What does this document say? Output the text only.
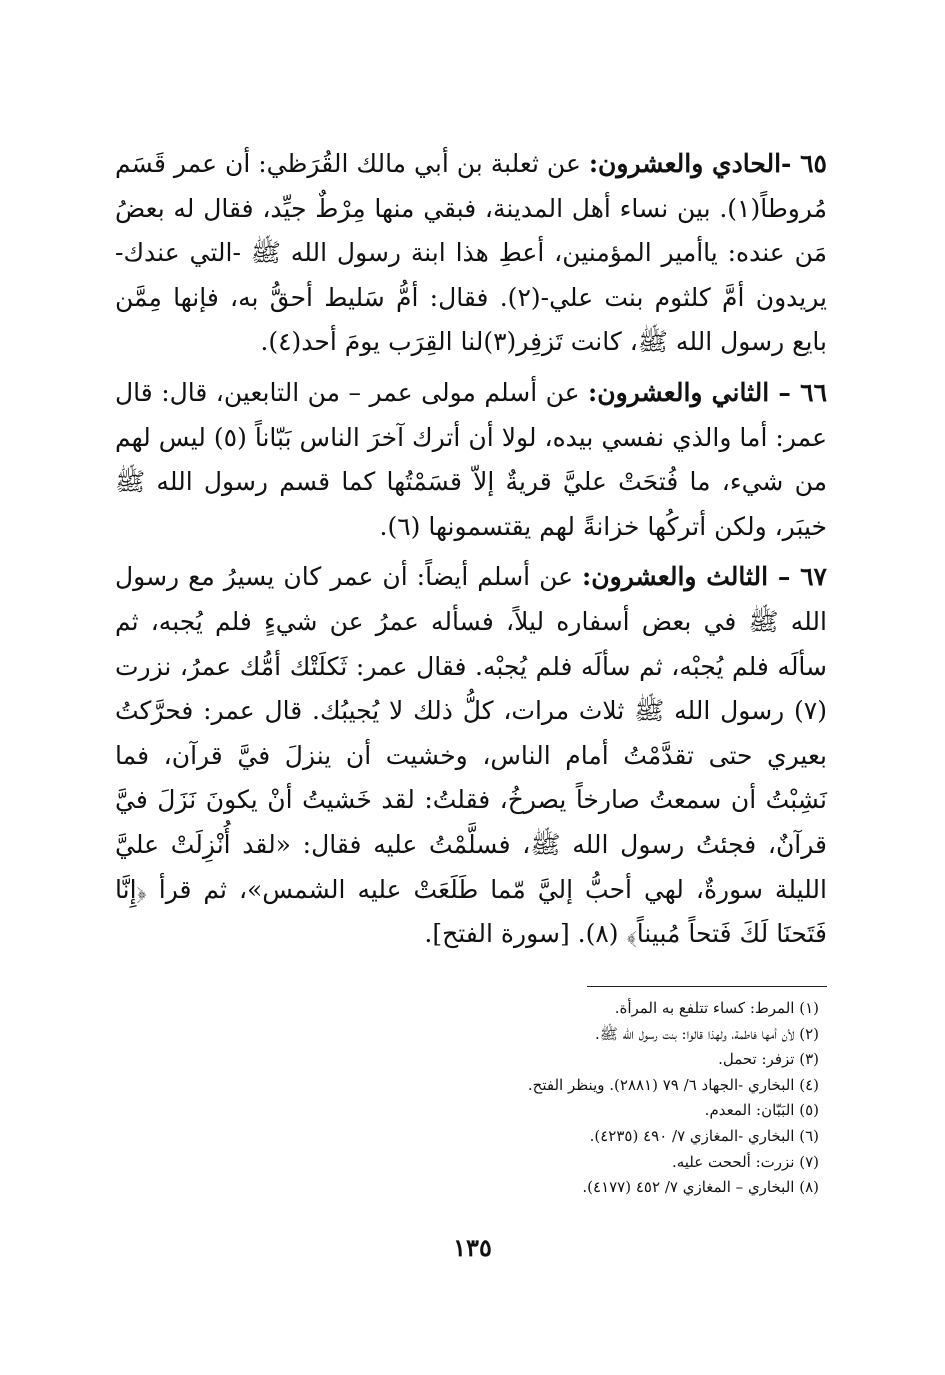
٦٥ -الحادي والعشرون: عن ثعلبة بن أبي مالك القُرَظي: أن عمر قَسَم مُروطاً(١). بين نساء أهل المدينة، فبقي منها مِرْطٌ جيِّد، فقال له بعضُ مَن عنده: ياأمير المؤمنين، أعطِ هذا ابنة رسول الله ﷺ -التي عندك- يريدون أمَّ كلثوم بنت علي-(٢). فقال: أمُّ سَليط أحقُّ به، فإنها مِمَّن بايع رسول الله ﷺ، كانت تَزفِر(٣)لنا القِرَب يومَ أحد(٤).

٦٦ – الثاني والعشرون: عن أسلم مولى عمر – من التابعين، قال: قال عمر: أما والذي نفسي بيده، لولا أن أترك آخرَ الناس بَبّاناً (٥) ليس لهم من شيء، ما فُتحَتْ عليَّ قريةٌ إلاّ قسَمْتُها كما قسم رسول الله ﷺ خيبَر، ولكن أتركُها خزانةً لهم يقتسمونها (٦).

٦٧ – الثالث والعشرون: عن أسلم أيضاً: أن عمر كان يسيرُ مع رسول الله ﷺ في بعض أسفاره ليلاً، فسأله عمرُ عن شيءٍ فلم يُجبه، ثم سألَه فلم يُجبْه، ثم سألَه فلم يُجبْه. فقال عمر: ثَكلَتْك أمُّك عمرُ، نزرت (٧) رسول الله ﷺ ثلاث مرات، كلُّ ذلك لا يُجيبُك. قال عمر: فحرَّكتُ بعيري حتى تقدَّمْتُ أمام الناس، وخشيت أن ينزلَ فيَّ قرآن، فما نَشِبْتُ أن سمعتُ صارخاً يصرخُ، فقلتُ: لقد خَشيتُ أنْ يكونَ نَزَلَ فيَّ قرآنٌ، فجئتُ رسول الله ﷺ، فسلَّمْتُ عليه فقال: «لقد أُنْزِلَتْ عليَّ الليلة سورةٌ، لهي أحبُّ إليَّ مّما طَلَعَتْ عليه الشمس»، ثم قرأ ﴿إِنَّا فَتَحنَا لَكَ فَتحاً مُبيناً﴾ (٨). [سورة الفتح].

(١) المرط: كساء تتلفع به المرأة.
(٢) لأن أمها فاطمة، ولهذا قالوا: بنت رسول الله ﷺ.
(٣) تزفر: تحمل.
(٤) البخاري -الجهاد ٦/ ٧٩ (٢٨٨١). وينظر الفتح.
(٥) البَبّان: المعدم.
(٦) البخاري -المغازي ٧/ ٤٩٠ (٤٢٣٥).
(٧) نزرت: ألححت عليه.
(٨) البخاري – المغازي ٧/ ٤٥٢ (٤١٧٧).
١٣٥
